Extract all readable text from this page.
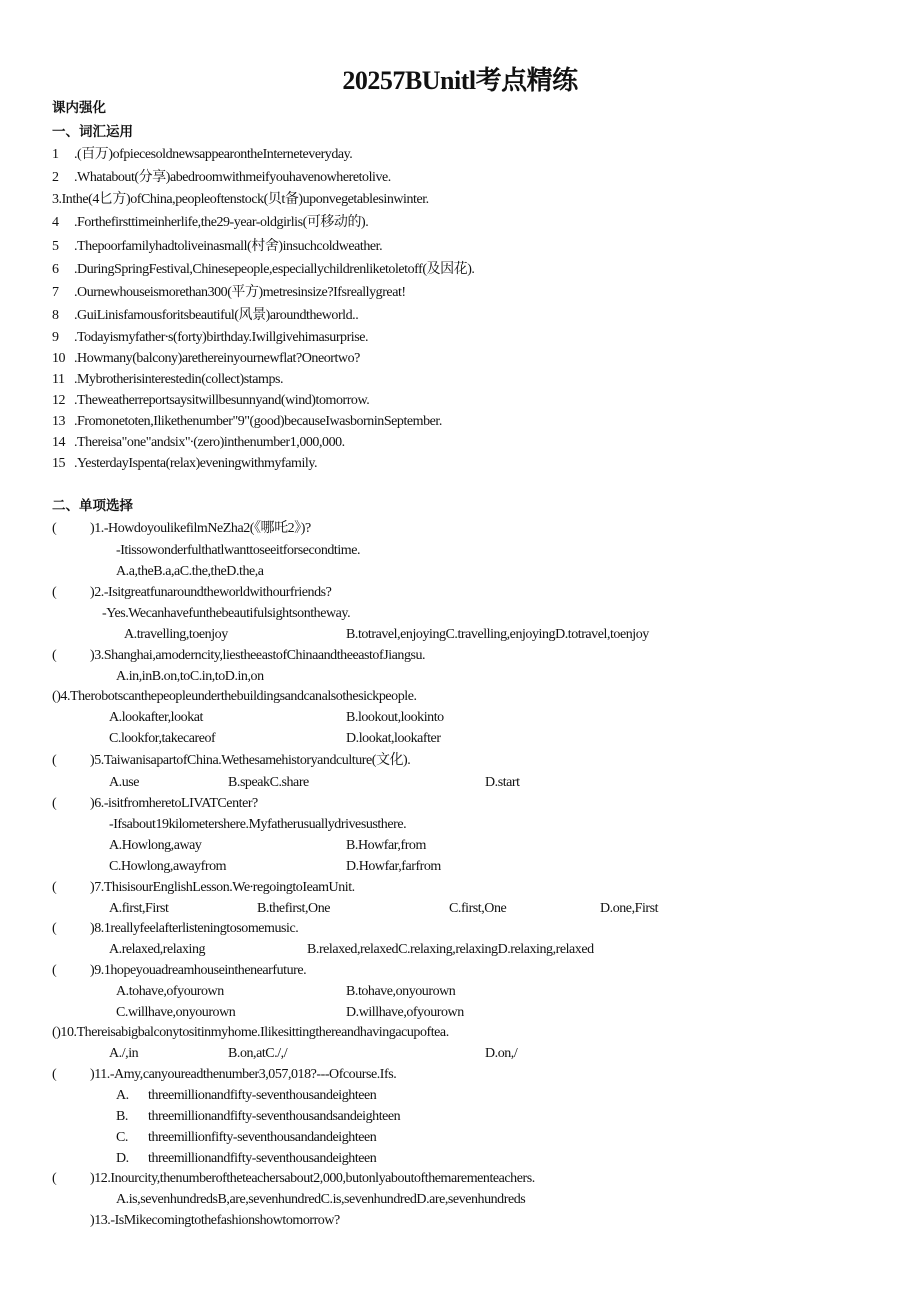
20257BUnitl考点精练
课内强化
一、词汇运用
1 .(百万)ofpiecesoldnewsappearontheInterneteveryday.
2 .Whatabout(分享)abedroomwithmeifyouhavenowheretolive.
3.Inthe(4匕方)ofChina,peopleoftenstock(贝t备)uponvegetablesinwinter.
4 .Forthefirsttimeinherlife,the29-year-oldgirlis(可移动的).
5 .Thepoorfamilyhadtoliveinasmall(村舍)insuchcoldweather.
6 .DuringSpringFestival,Chinesepeople,especiallychildrenliketoletoff(及因花).
7 .Ournewhouseismorethan300(平方)metresinsize?Ifsreallygreat!
8 .GuiLinisfamousforitsbeautiful(风景)aroundtheworld..
9 .Todayismyfather∙s(forty)birthday.Iwillgivehimasurprise.
10 .Howmany(balcony)arethereinyournewflat?Oneortwo?
11 .Mybrotherisinterestedin(collect)stamps.
12 .Theweatherreportsaysitwillbesunnyand(wind)tomorrow.
13 .Fromonetoten,Ilikethenumber"9"(good)becauseIwasborninSeptember.
14 .Thereisa"one"andsix"∙(zero)inthenumber1,000,000.
15 .YesterdayIspenta(relax)eveningwithmyfamily.
二、单项选择
( )1.-HowdoyoulikefilmNeZha2(《哪吒2》)?
-Itissowonderfulthatlwanttoseeitforsecondtime.
A.a,theB.a,aC.the,theD.the,a
( )2.-Isitgreatfunaroundtheworldwithourfriends?
-Yes.Wecanhavefunthebeautifulsightsontheway.
A.travelling,toenjoy	B.totravel,enjoyingC.travelling,enjoyingD.totravel,toenjoy
( )3.Shanghai,amoderncity,liestheeastofChinaandtheeastofJiangsu.
A.in,inB.on,toC.in,toD.in,on
()4.Therobotscanthepeopleunderthebuildingsandcanalsothesickpeople.
A.lookafter,lookat	B.lookout,lookinto
C.lookfor,takecareof	D.lookat,lookafter
( )5.TaiwanisapartofChina.Wethesamehistoryandculture(文化).
A.use	B.speakC.share	D.start
( )6.-isitfromheretoLIVATCenter?
-Ifsabout19kilometershere.Myfatherusuallydrivesusthere.
A.Howlong,away	B.Howfar,from
C.Howlong,awayfrom	D.Howfar,farfrom
( )7.ThisisourEnglishLesson.We∙regoingtoIeamUnit.
A.first,First	B.thefirst,One	C.first,One	D.one,First
( )8.1reallyfeelafterlisteningtosomemusic.
A.relaxed,relaxing	B.relaxed,relaxedC.relaxing,relaxingD.relaxing,relaxed
( )9.1hopeyouadreamhouseinthenearfuture.
A.tohave,ofyourown	B.tohave,onyourown
C.willhave,onyourown	D.willhave,ofyourown
()10.Thereisabigbalconytositinmyhome.Ilikesittingthereandhavingacupoftea.
A./,in	B.on,atC./,/	D.on,/
( )11.-Amy,canyoureadthenumber3,057,018?---Ofcourse.Ifs.
A. threemillionandfifty-seventhousandeighteen
B. threemillionandfifty-seventhousandsandeighteen
C. threemillionfifty-seventhousandandeighteen
D. threemillionandfifty-seventhousandeighteen
( )12.Inourcity,thenumberoftheteachersabout2,000,butonlyaboutofthemarementeachers.
A.is,sevenhundredsB,are,sevenhundredC.is,sevenhundredD.are,sevenhundreds
)13.-IsMikecomingtothefashionshowtomorrow?
